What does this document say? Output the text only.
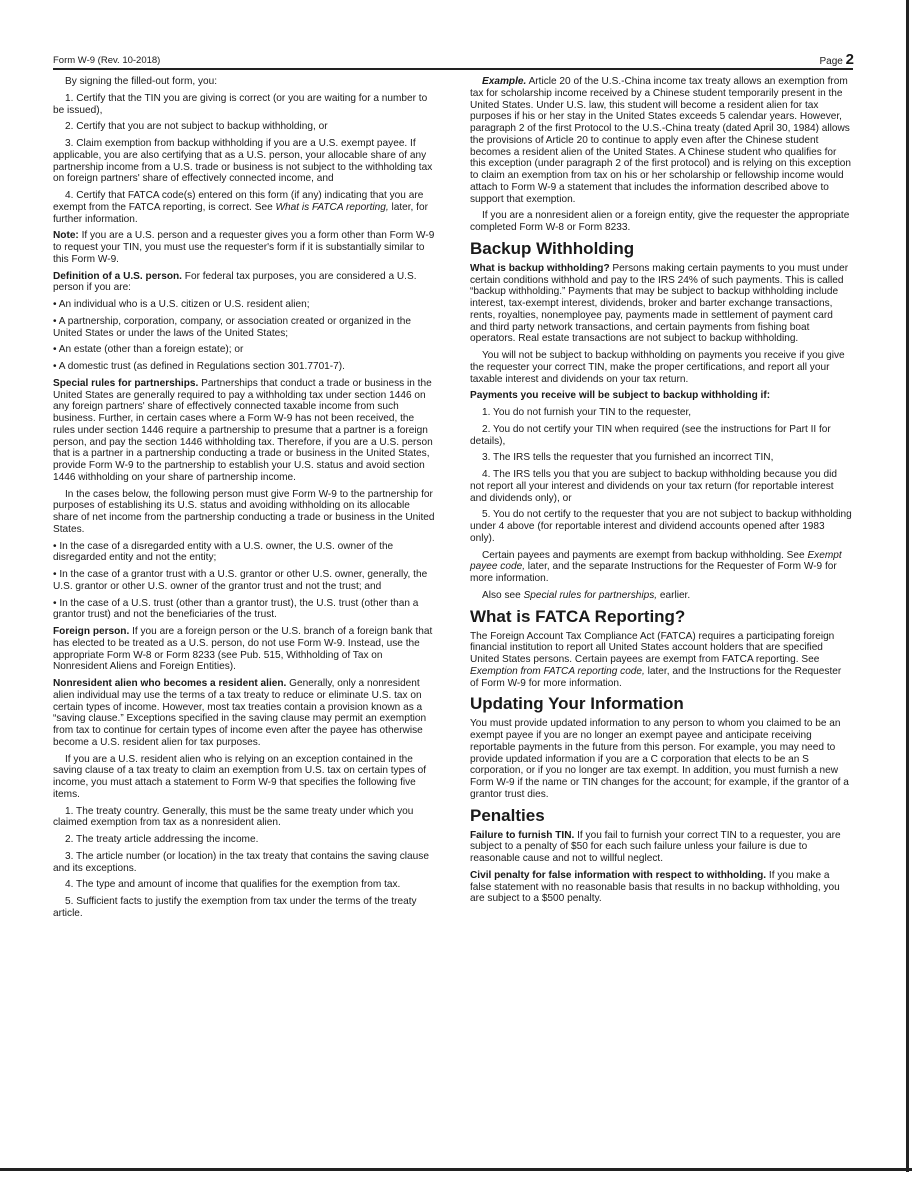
Form W-9 (Rev. 10-2018)	Page 2

By signing the filled-out form, you:

1. Certify that the TIN you are giving is correct (or you are waiting for a number to be issued),

2. Certify that you are not subject to backup withholding, or

3. Claim exemption from backup withholding if you are a U.S. exempt payee. If applicable, you are also certifying that as a U.S. person, your allocable share of any partnership income from a U.S. trade or business is not subject to the withholding tax on foreign partners' share of effectively connected income, and

4. Certify that FATCA code(s) entered on this form (if any) indicating that you are exempt from the FATCA reporting, is correct. See What is FATCA reporting, later, for further information.

Note: If you are a U.S. person and a requester gives you a form other than Form W-9 to request your TIN, you must use the requester's form if it is substantially similar to this Form W-9.

Definition of a U.S. person. For federal tax purposes, you are considered a U.S. person if you are:

• An individual who is a U.S. citizen or U.S. resident alien;

• A partnership, corporation, company, or association created or organized in the United States or under the laws of the United States;

• An estate (other than a foreign estate); or

• A domestic trust (as defined in Regulations section 301.7701-7).

Special rules for partnerships. Partnerships that conduct a trade or business in the United States are generally required to pay a withholding tax under section 1446 on any foreign partners' share of effectively connected taxable income from such business. Further, in certain cases where a Form W-9 has not been received, the rules under section 1446 require a partnership to presume that a partner is a foreign person, and pay the section 1446 withholding tax. Therefore, if you are a U.S. person that is a partner in a partnership conducting a trade or business in the United States, provide Form W-9 to the partnership to establish your U.S. status and avoid section 1446 withholding on your share of partnership income.

In the cases below, the following person must give Form W-9 to the partnership for purposes of establishing its U.S. status and avoiding withholding on its allocable share of net income from the partnership conducting a trade or business in the United States.

• In the case of a disregarded entity with a U.S. owner, the U.S. owner of the disregarded entity and not the entity;

• In the case of a grantor trust with a U.S. grantor or other U.S. owner, generally, the U.S. grantor or other U.S. owner of the grantor trust and not the trust; and

• In the case of a U.S. trust (other than a grantor trust), the U.S. trust (other than a grantor trust) and not the beneficiaries of the trust.

Foreign person. If you are a foreign person or the U.S. branch of a foreign bank that has elected to be treated as a U.S. person, do not use Form W-9. Instead, use the appropriate Form W-8 or Form 8233 (see Pub. 515, Withholding of Tax on Nonresident Aliens and Foreign Entities).

Nonresident alien who becomes a resident alien. Generally, only a nonresident alien individual may use the terms of a tax treaty to reduce or eliminate U.S. tax on certain types of income. However, most tax treaties contain a provision known as a “saving clause.” Exceptions specified in the saving clause may permit an exemption from tax to continue for certain types of income even after the payee has otherwise become a U.S. resident alien for tax purposes.

If you are a U.S. resident alien who is relying on an exception contained in the saving clause of a tax treaty to claim an exemption from U.S. tax on certain types of income, you must attach a statement to Form W-9 that specifies the following five items.

1. The treaty country. Generally, this must be the same treaty under which you claimed exemption from tax as a nonresident alien.

2. The treaty article addressing the income.

3. The article number (or location) in the tax treaty that contains the saving clause and its exceptions.

4. The type and amount of income that qualifies for the exemption from tax.

5. Sufficient facts to justify the exemption from tax under the terms of the treaty article.

Example. Article 20 of the U.S.-China income tax treaty allows an exemption from tax for scholarship income received by a Chinese student temporarily present in the United States. Under U.S. law, this student will become a resident alien for tax purposes if his or her stay in the United States exceeds 5 calendar years. However, paragraph 2 of the first Protocol to the U.S.-China treaty (dated April 30, 1984) allows the provisions of Article 20 to continue to apply even after the Chinese student becomes a resident alien of the United States. A Chinese student who qualifies for this exception (under paragraph 2 of the first protocol) and is relying on this exception to claim an exemption from tax on his or her scholarship or fellowship income would attach to Form W-9 a statement that includes the information described above to support that exemption.

If you are a nonresident alien or a foreign entity, give the requester the appropriate completed Form W-8 or Form 8233.

Backup Withholding

What is backup withholding? Persons making certain payments to you must under certain conditions withhold and pay to the IRS 24% of such payments. This is called “backup withholding.” Payments that may be subject to backup withholding include interest, tax-exempt interest, dividends, broker and barter exchange transactions, rents, royalties, nonemployee pay, payments made in settlement of payment card and third party network transactions, and certain payments from fishing boat operators. Real estate transactions are not subject to backup withholding.

You will not be subject to backup withholding on payments you receive if you give the requester your correct TIN, make the proper certifications, and report all your taxable interest and dividends on your tax return.

Payments you receive will be subject to backup withholding if:

1. You do not furnish your TIN to the requester,

2. You do not certify your TIN when required (see the instructions for Part II for details),

3. The IRS tells the requester that you furnished an incorrect TIN,

4. The IRS tells you that you are subject to backup withholding because you did not report all your interest and dividends on your tax return (for reportable interest and dividends only), or

5. You do not certify to the requester that you are not subject to backup withholding under 4 above (for reportable interest and dividend accounts opened after 1983 only).

Certain payees and payments are exempt from backup withholding. See Exempt payee code, later, and the separate Instructions for the Requester of Form W-9 for more information.

Also see Special rules for partnerships, earlier.

What is FATCA Reporting?

The Foreign Account Tax Compliance Act (FATCA) requires a participating foreign financial institution to report all United States account holders that are specified United States persons. Certain payees are exempt from FATCA reporting. See Exemption from FATCA reporting code, later, and the Instructions for the Requester of Form W-9 for more information.

Updating Your Information

You must provide updated information to any person to whom you claimed to be an exempt payee if you are no longer an exempt payee and anticipate receiving reportable payments in the future from this person. For example, you may need to provide updated information if you are a C corporation that elects to be an S corporation, or if you no longer are tax exempt. In addition, you must furnish a new Form W-9 if the name or TIN changes for the account; for example, if the grantor of a grantor trust dies.

Penalties

Failure to furnish TIN. If you fail to furnish your correct TIN to a requester, you are subject to a penalty of $50 for each such failure unless your failure is due to reasonable cause and not to willful neglect.

Civil penalty for false information with respect to withholding. If you make a false statement with no reasonable basis that results in no backup withholding, you are subject to a $500 penalty.
